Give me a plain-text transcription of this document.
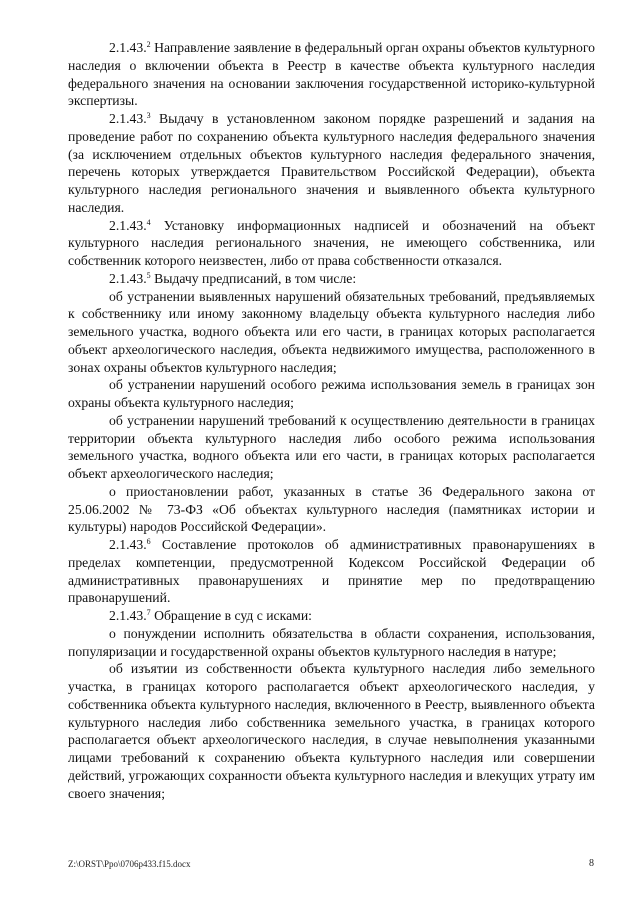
2.1.43.$^2$ Направление заявление в федеральный орган охраны объектов культурного наследия о включении объекта в Реестр в качестве объекта культурного наследия федерального значения на основании заключения государственной историко-культурной экспертизы.

2.1.43.$^3$ Выдачу в установленном законом порядке разрешений и задания на проведение работ по сохранению объекта культурного наследия федерального значения (за исключением отдельных объектов культурного наследия федерального значения, перечень которых утверждается Правительством Российской Федерации), объекта культурного наследия регионального значения и выявленного объекта культурного наследия.

2.1.43.$^4$ Установку информационных надписей и обозначений на объект культурного наследия регионального значения, не имеющего собственника, или собственник которого неизвестен, либо от права собственности отказался.

2.1.43.$^5$ Выдачу предписаний, в том числе:

об устранении выявленных нарушений обязательных требований, предъявляемых к собственнику или иному законному владельцу объекта культурного наследия либо земельного участка, водного объекта или его части, в границах которых располагается объект археологического наследия, объекта недвижимого имущества, расположенного в зонах охраны объектов культурного наследия;

об устранении нарушений особого режима использования земель в границах зон охраны объекта культурного наследия;

об устранении нарушений требований к осуществлению деятельности в границах территории объекта культурного наследия либо особого режима использования земельного участка, водного объекта или его части, в границах которых располагается объект археологического наследия;

о приостановлении работ, указанных в статье 36 Федерального закона от 25.06.2002 № 73-ФЗ «Об объектах культурного наследия (памятниках истории и культуры) народов Российской Федерации».

2.1.43.$^6$ Составление протоколов об административных правонарушениях в пределах компетенции, предусмотренной Кодексом Российской Федерации об административных правонарушениях и принятие мер по предотвращению правонарушений.

2.1.43.$^7$ Обращение в суд с исками:

о понуждении исполнить обязательства в области сохранения, использования, популяризации и государственной охраны объектов культурного наследия в натуре;

об изъятии из собственности объекта культурного наследия либо земельного участка, в границах которого располагается объект археологического наследия, у собственника объекта культурного наследия, включенного в Реестр, выявленного объекта культурного наследия либо собственника земельного участка, в границах которого располагается объект археологического наследия, в случае невыполнения указанными лицами требований к сохранению объекта культурного наследия или совершении действий, угрожающих сохранности объекта культурного наследия и влекущих утрату им своего значения;

Z:\ORST\Ppo\0706p433.f15.docx	8
